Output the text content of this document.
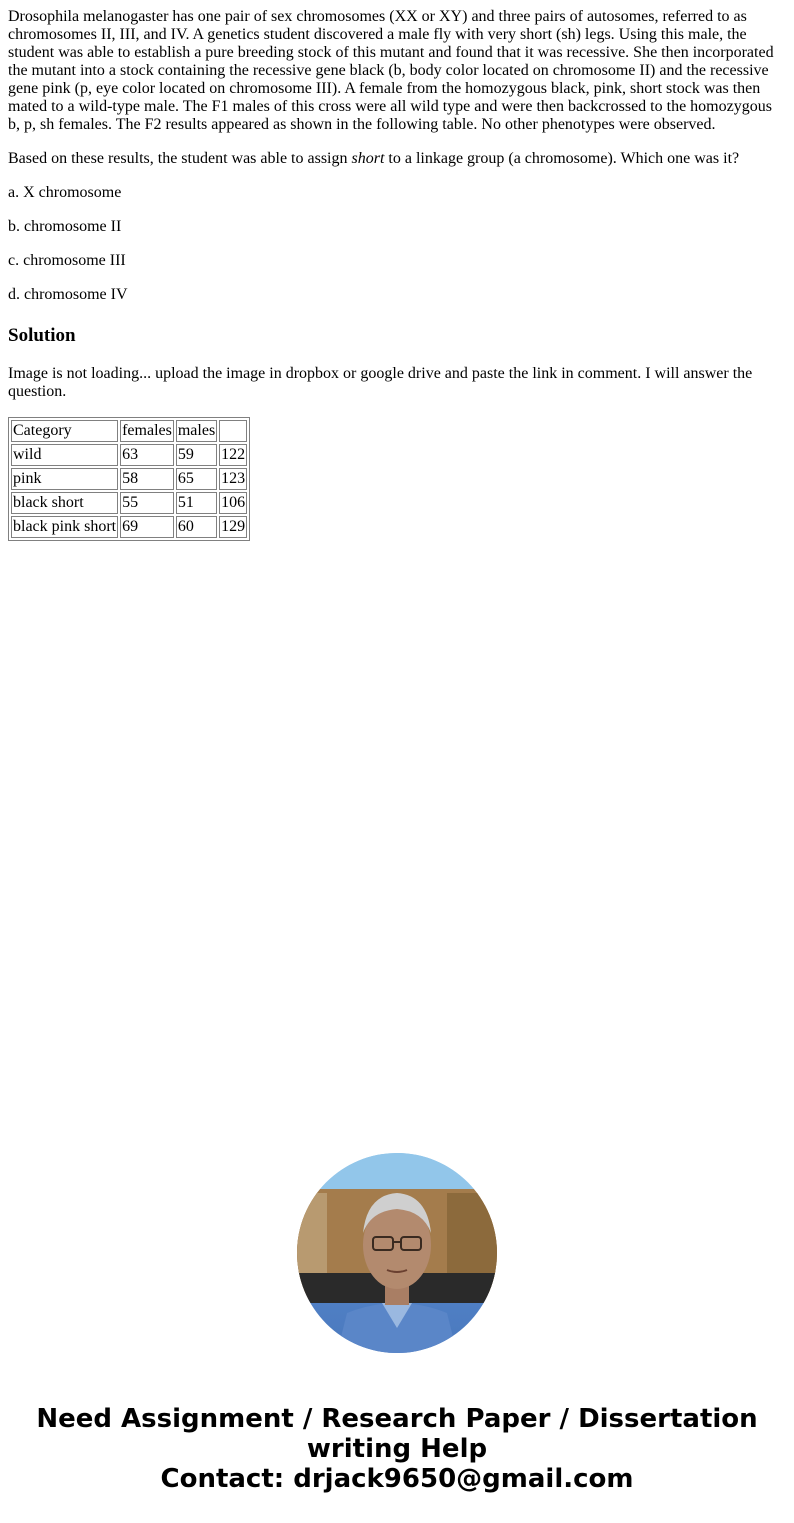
Drosophila melanogaster has one pair of sex chromosomes (XX or XY) and three pairs of autosomes, referred to as chromosomes II, III, and IV. A genetics student discovered a male fly with very short (sh) legs. Using this male, the student was able to establish a pure breeding stock of this mutant and found that it was recessive. She then incorporated the mutant into a stock containing the recessive gene black (b, body color located on chromosome II) and the recessive gene pink (p, eye color located on chromosome III). A female from the homozygous black, pink, short stock was then mated to a wild-type male. The F1 males of this cross were all wild type and were then backcrossed to the homozygous b, p, sh females. The F2 results appeared as shown in the following table. No other phenotypes were observed.

Based on these results, the student was able to assign short to a linkage group (a chromosome). Which one was it?

a. X chromosome

b. chromosome II

c. chromosome III

d. chromosome IV

Solution

Image is not loading... upload the image in dropbox or google drive and paste the link in comment. I will answer the question.

Category	females	males	
wild	63	59	122
pink	58	65	123
black short	55	51	106
black pink short	69	60	129
Need Assignment / Research Paper / Dissertation
writing Help
Contact: drjack9650@gmail.com
